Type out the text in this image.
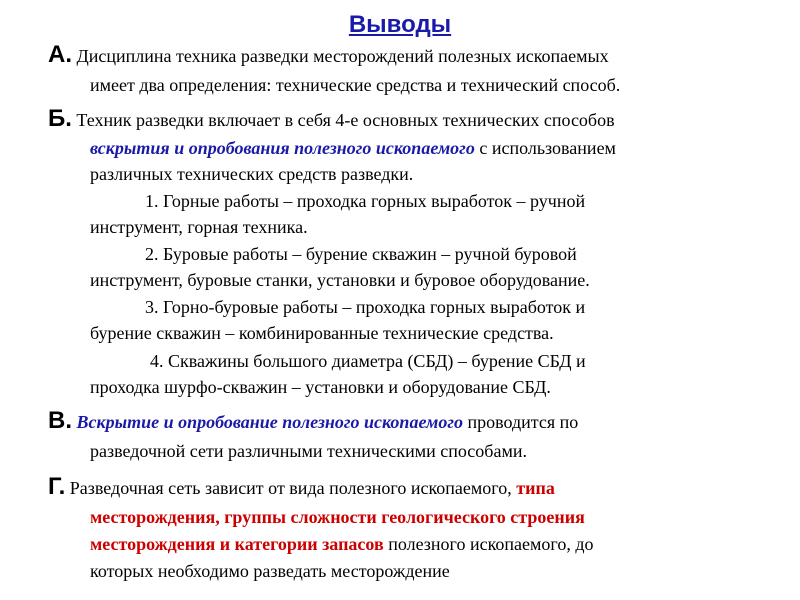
Выводы
А. Дисциплина техника разведки месторождений полезных ископаемых
имеет два определения: технические средства и технический способ.
Б. Техник разведки включает в себя 4-е основных технических способов
вскрытия и опробования полезного ископаемого с использованием
различных технических средств разведки.
1. Горные работы – проходка горных выработок – ручной
инструмент, горная техника.
2. Буровые работы – бурение скважин – ручной буровой
инструмент, буровые станки, установки и буровое оборудование.
3. Горно-буровые работы – проходка горных выработок и
бурение скважин – комбинированные технические средства.
4. Скважины большого диаметра (СБД) – бурение СБД и
проходка шурфо-скважин – установки и оборудование СБД.
В. Вскрытие и опробование полезного ископаемого проводится по
разведочной сети различными техническими способами.
Г. Разведочная сеть зависит от вида полезного ископаемого, типа
месторождения, группы сложности геологического строения
месторождения и категории запасов полезного ископаемого, до
которых необходимо разведать месторождение
